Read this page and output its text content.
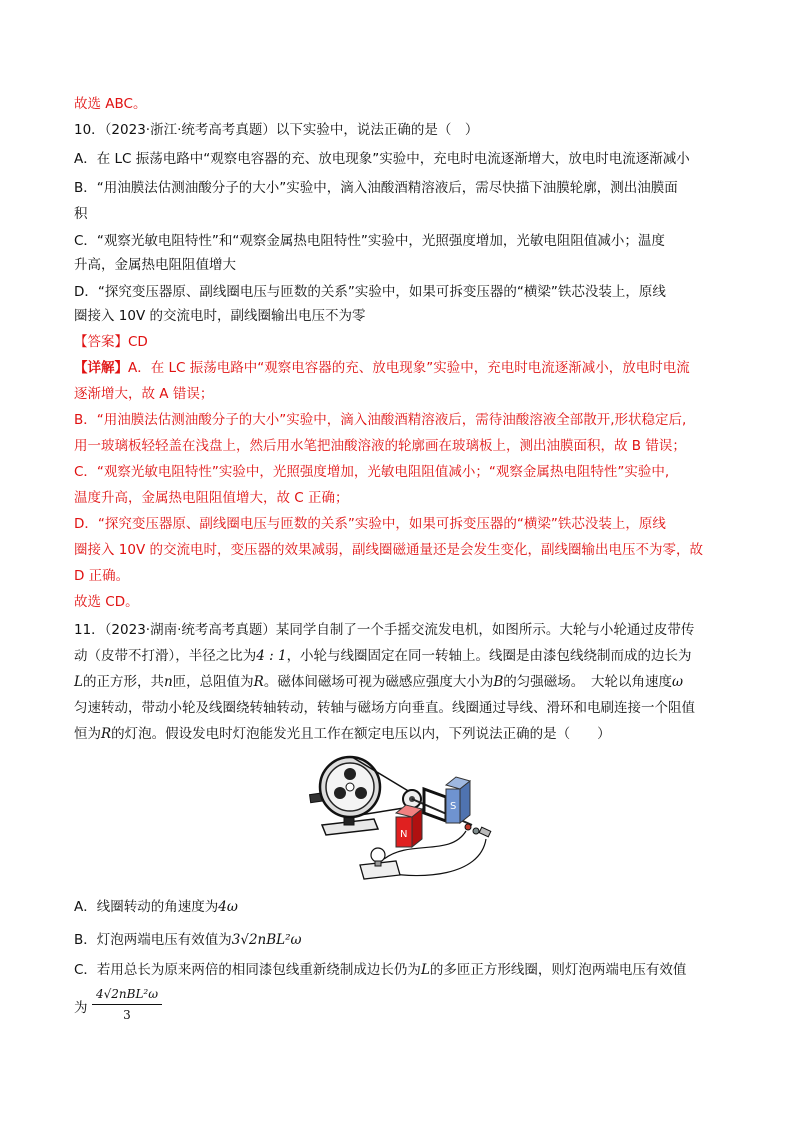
故选 ABC。
10．（2023·浙江·统考高考真题）以下实验中，说法正确的是（　）
A．在 LC 振荡电路中“观察电容器的充、放电现象”实验中，充电时电流逐渐增大，放电时电流逐渐减小
B．“用油膜法估测油酸分子的大小”实验中，滴入油酸酒精溶液后，需尽快描下油膜轮廓，测出油膜面
积
C．“观察光敏电阻特性”和“观察金属热电阻特性”实验中，光照强度增加，光敏电阻阻值减小；温度
升高，金属热电阻阻值增大
D．“探究变压器原、副线圈电压与匝数的关系”实验中，如果可拆变压器的“横梁”铁芯没装上，原线
圈接入 10V 的交流电时，副线圈输出电压不为零
【答案】CD
【详解】A．在 LC 振荡电路中“观察电容器的充、放电现象”实验中，充电时电流逐渐减小，放电时电流
逐渐增大，故 A 错误；
B．“用油膜法估测油酸分子的大小”实验中，滴入油酸酒精溶液后，需待油酸溶液全部散开,形状稳定后,
用一玻璃板轻轻盖在浅盘上，然后用水笔把油酸溶液的轮廓画在玻璃板上，测出油膜面积，故 B 错误；
C．“观察光敏电阻特性”实验中，光照强度增加，光敏电阻阻值减小；“观察金属热电阻特性”实验中,
温度升高，金属热电阻阻值增大，故 C 正确；
D．“探究变压器原、副线圈电压与匝数的关系”实验中，如果可拆变压器的“横梁”铁芯没装上，原线
圈接入 10V 的交流电时，变压器的效果减弱，副线圈磁通量还是会发生变化，副线圈输出电压不为零，故
D 正确。
故选 CD。
11．（2023·湖南·统考高考真题）某同学自制了一个手摇交流发电机，如图所示。大轮与小轮通过皮带传
动（皮带不打滑），半径之比为4 : 1，小轮与线圈固定在同一转轴上。线圈是由漆包线绕制而成的边长为
L的正方形，共n匝，总阻值为R。磁体间磁场可视为磁感应强度大小为B的匀强磁场。　大轮以角速度ω
匀速转动，带动小轮及线圈绕转轴转动，转轴与磁场方向垂直。线圈通过导线、滑环和电刷连接一个阻值
恒为R的灯泡。假设发电时灯泡能发光且工作在额定电压以内，下列说法正确的是（　　）
S
N
A．线圈转动的角速度为4ω
B．灯泡两端电压有效值为3√2nBL²ω
C．若用总长为原来两倍的相同漆包线重新绕制成边长仍为L的多匝正方形线圈，则灯泡两端电压有效值
为
4√2nBL²ω
3
